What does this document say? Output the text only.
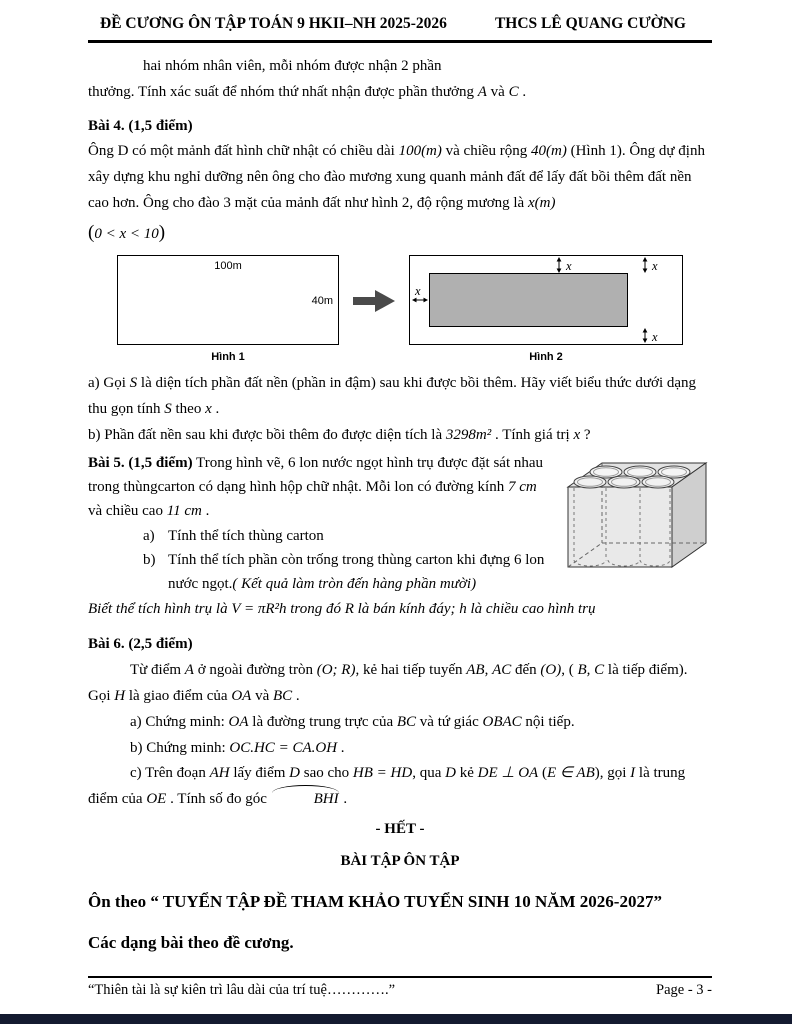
ĐỀ CƯƠNG ÔN TẬP TOÁN 9 HKII–NH 2025-2026	THCS LÊ QUANG CƯỜNG

hai nhóm nhân viên, mỗi nhóm được nhận 2 phần

thưởng. Tính xác suất để nhóm thứ nhất nhận được phần thưởng A và C .

Bài 4. (1,5 điểm)

Ông D có một mảnh đất hình chữ nhật có chiều dài 100(m) và chiều rộng 40(m) (Hình 1). Ông dự định xây dựng khu nghỉ dưỡng nên ông cho đào mương xung quanh mảnh đất để lấy đất bồi thêm đất nền cao hơn. Ông cho đào 3 mặt của mảnh đất như hình 2, độ rộng mương là x(m)

(0 < x < 10)

100m
40m
Hình 1
x	x
x
x
Hình 2

a) Gọi S là diện tích phần đất nền (phần in đậm) sau khi được bồi thêm. Hãy viết biểu thức dưới dạng thu gọn tính S theo x .

b) Phần đất nền sau khi được bồi thêm đo được diện tích là 3298m² . Tính giá trị x ?

Bài 5. (1,5 điểm) Trong hình vẽ, 6 lon nước ngọt hình trụ được đặt sát nhau trong thùngcarton có dạng hình hộp chữ nhật. Mỗi lon có đường kính 7 cm và chiều cao 11 cm .

a) Tính thể tích thùng carton

b) Tính thể tích phần còn trống trong thùng carton khi đựng 6 lon nước ngọt.( Kết quả làm tròn đến hàng phần mười)

Biết thể tích hình trụ là V = πR²h trong đó R là bán kính đáy; h là chiều cao hình trụ

Bài 6. (2,5 điểm)

Từ điểm A ở ngoài đường tròn (O; R), kẻ hai tiếp tuyến AB, AC đến (O), ( B, C là tiếp điểm). Gọi H là giao điểm của OA và BC .

a) Chứng minh: OA là đường trung trực của BC và tứ giác OBAC nội tiếp.

b) Chứng minh: OC.HC = CA.OH .

c) Trên đoạn AH lấy điểm D sao cho HB = HD, qua D kẻ DE ⊥ OA (E ∈ AB), gọi I là trung điểm của OE . Tính số đo góc	BHI .

- HẾT -

BÀI TẬP ÔN TẬP

Ôn theo “ TUYỂN TẬP ĐỀ THAM KHẢO TUYỂN SINH 10 NĂM 2026-2027”

Các dạng bài theo đề cương.

“Thiên tài là sự kiên trì lâu dài của trí tuệ………….”	Page - 3 -
